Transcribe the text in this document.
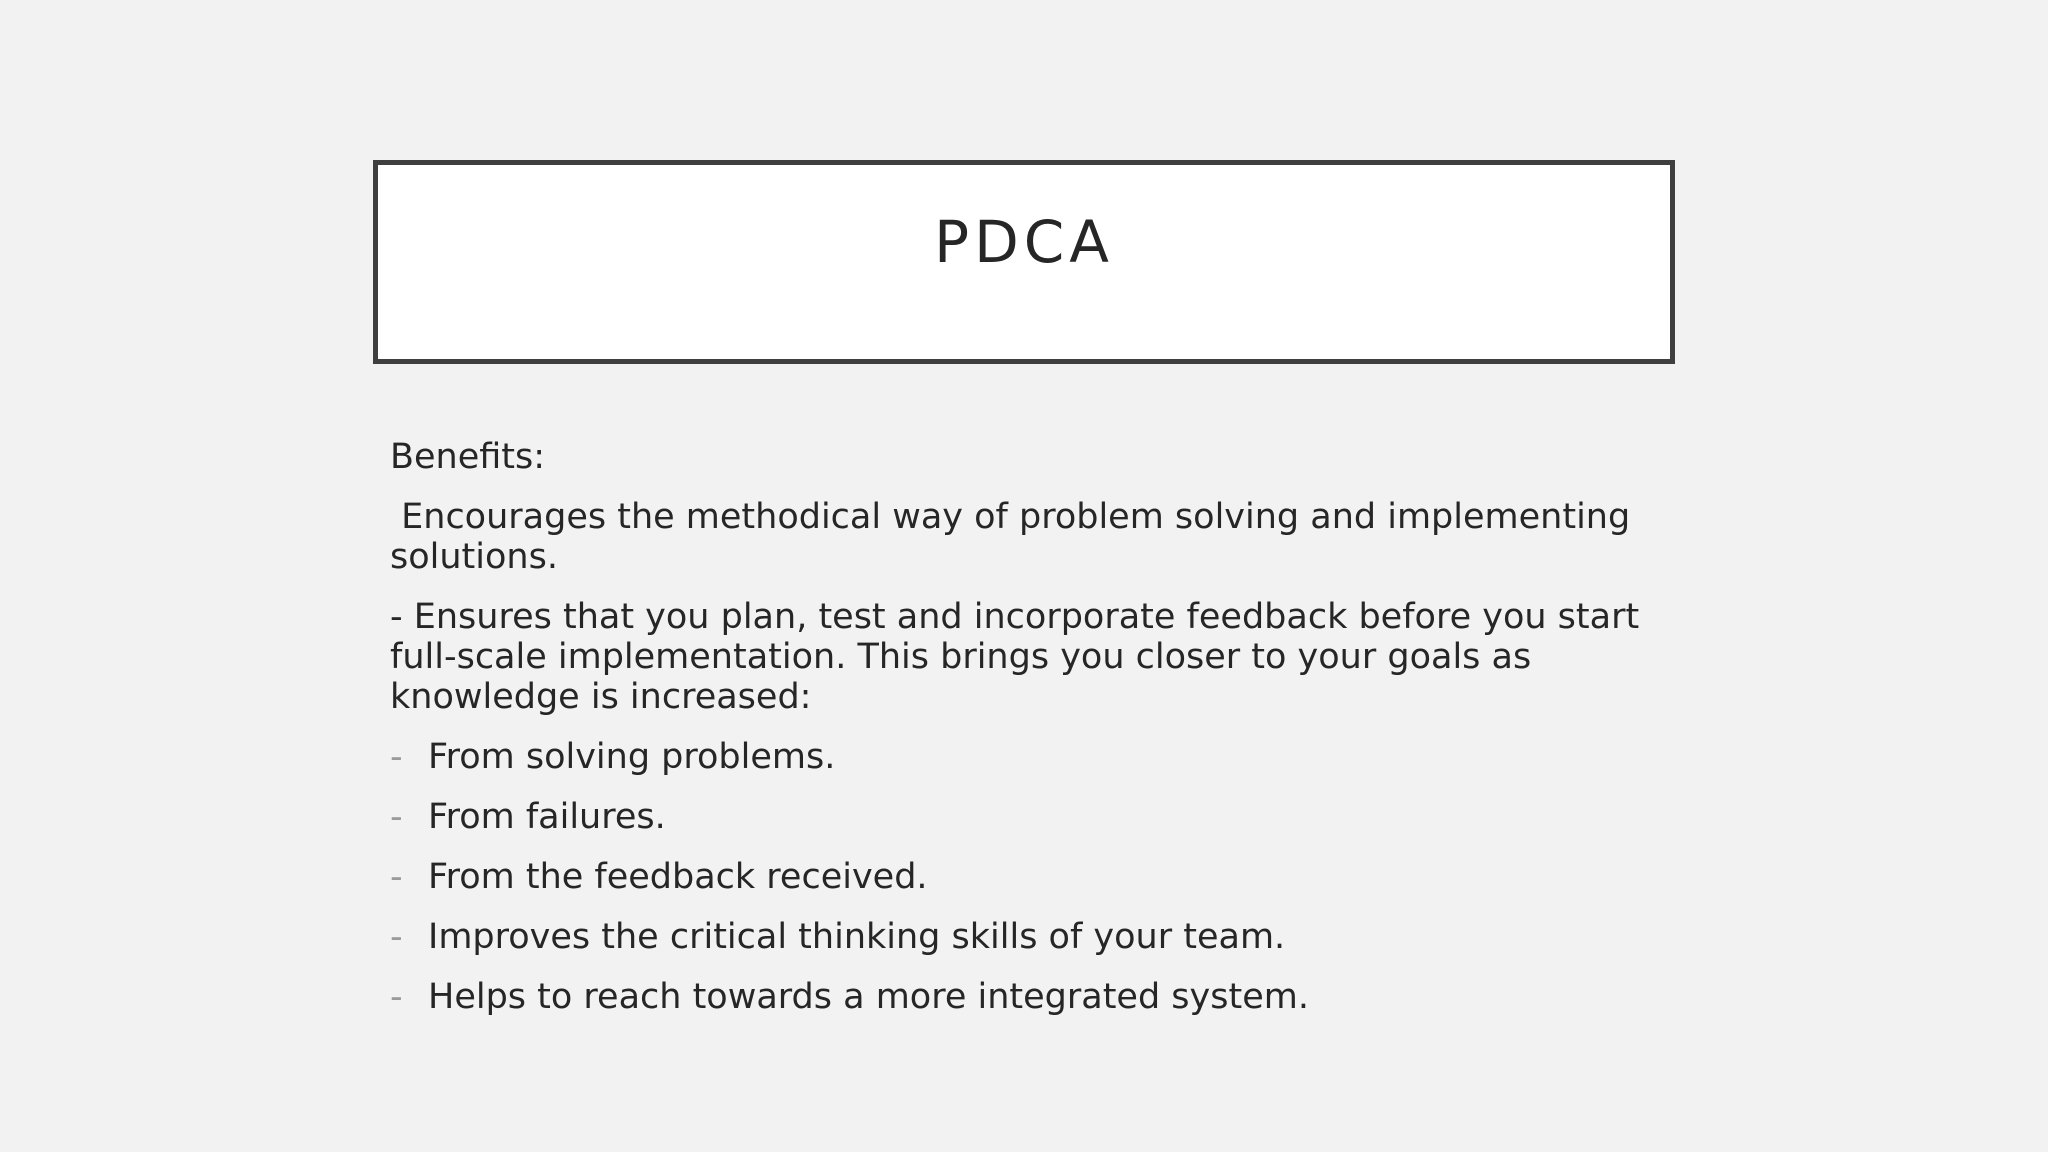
PDCA

Benefits:

Encourages the methodical way of problem solving and implementing solutions.

- Ensures that you plan, test and incorporate feedback before you start full-scale implementation. This brings you closer to your goals as knowledge is increased:

- From solving problems.
- From failures.
- From the feedback received.
- Improves the critical thinking skills of your team.
- Helps to reach towards a more integrated system.
